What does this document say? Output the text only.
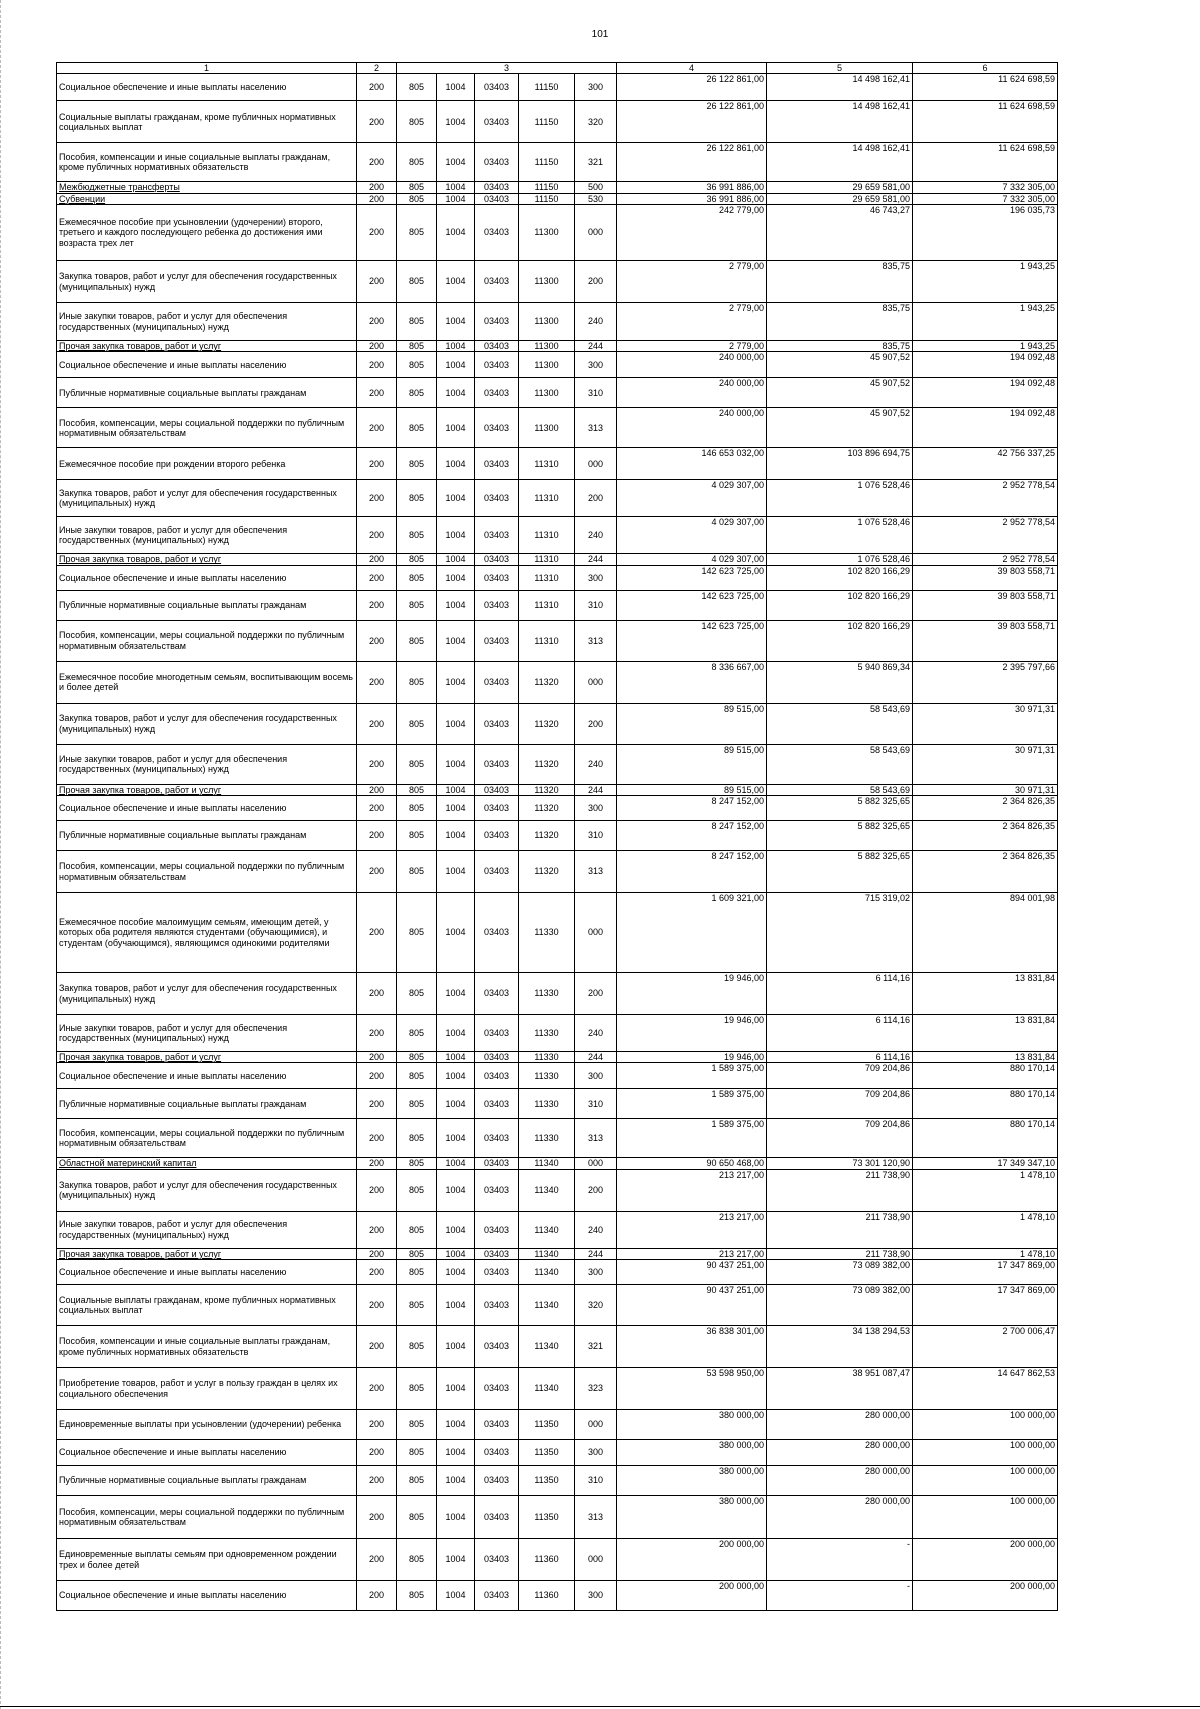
101
1	2	3					4	5	6
Социальное обеспечение и иные выплаты населению	200	805	1004	03403	11150	300	26 122 861,00	14 498 162,41	11 624 698,59
Социальные выплаты гражданам, кроме публичных нормативных социальных выплат	200	805	1004	03403	11150	320	26 122 861,00	14 498 162,41	11 624 698,59
Пособия, компенсации и иные социальные выплаты гражданам, кроме публичных нормативных обязательств	200	805	1004	03403	11150	321	26 122 861,00	14 498 162,41	11 624 698,59
Межбюджетные трансферты	200	805	1004	03403	11150	500	36 991 886,00	29 659 581,00	7 332 305,00
Субвенции	200	805	1004	03403	11150	530	36 991 886,00	29 659 581,00	7 332 305,00
Ежемесячное пособие при усыновлении (удочерении) второго, третьего и каждого последующего ребенка до достижения ими возраста трех лет	200	805	1004	03403	11300	000	242 779,00	46 743,27	196 035,73
Закупка товаров, работ и услуг для обеспечения государственных (муниципальных) нужд	200	805	1004	03403	11300	200	2 779,00	835,75	1 943,25
Иные закупки товаров, работ и услуг для обеспечения государственных (муниципальных) нужд	200	805	1004	03403	11300	240	2 779,00	835,75	1 943,25
Прочая закупка товаров, работ и услуг	200	805	1004	03403	11300	244	2 779,00	835,75	1 943,25
Социальное обеспечение и иные выплаты населению	200	805	1004	03403	11300	300	240 000,00	45 907,52	194 092,48
Публичные нормативные социальные выплаты гражданам	200	805	1004	03403	11300	310	240 000,00	45 907,52	194 092,48
Пособия, компенсации, меры социальной поддержки по публичным нормативным обязательствам	200	805	1004	03403	11300	313	240 000,00	45 907,52	194 092,48
Ежемесячное пособие при рождении второго ребенка	200	805	1004	03403	11310	000	146 653 032,00	103 896 694,75	42 756 337,25
Закупка товаров, работ и услуг для обеспечения государственных (муниципальных) нужд	200	805	1004	03403	11310	200	4 029 307,00	1 076 528,46	2 952 778,54
Иные закупки товаров, работ и услуг для обеспечения государственных (муниципальных) нужд	200	805	1004	03403	11310	240	4 029 307,00	1 076 528,46	2 952 778,54
Прочая закупка товаров, работ и услуг	200	805	1004	03403	11310	244	4 029 307,00	1 076 528,46	2 952 778,54
Социальное обеспечение и иные выплаты населению	200	805	1004	03403	11310	300	142 623 725,00	102 820 166,29	39 803 558,71
Публичные нормативные социальные выплаты гражданам	200	805	1004	03403	11310	310	142 623 725,00	102 820 166,29	39 803 558,71
Пособия, компенсации, меры социальной поддержки по публичным нормативным обязательствам	200	805	1004	03403	11310	313	142 623 725,00	102 820 166,29	39 803 558,71
Ежемесячное пособие многодетным семьям, воспитывающим восемь и более детей	200	805	1004	03403	11320	000	8 336 667,00	5 940 869,34	2 395 797,66
Закупка товаров, работ и услуг для обеспечения государственных (муниципальных) нужд	200	805	1004	03403	11320	200	89 515,00	58 543,69	30 971,31
Иные закупки товаров, работ и услуг для обеспечения государственных (муниципальных) нужд	200	805	1004	03403	11320	240	89 515,00	58 543,69	30 971,31
Прочая закупка товаров, работ и услуг	200	805	1004	03403	11320	244	89 515,00	58 543,69	30 971,31
Социальное обеспечение и иные выплаты населению	200	805	1004	03403	11320	300	8 247 152,00	5 882 325,65	2 364 826,35
Публичные нормативные социальные выплаты гражданам	200	805	1004	03403	11320	310	8 247 152,00	5 882 325,65	2 364 826,35
Пособия, компенсации, меры социальной поддержки по публичным нормативным обязательствам	200	805	1004	03403	11320	313	8 247 152,00	5 882 325,65	2 364 826,35
Ежемесячное пособие малоимущим семьям, имеющим детей, у которых оба родителя являются студентами (обучающимися), и студентам (обучающимся), являющимся одинокими родителями	200	805	1004	03403	11330	000	1 609 321,00	715 319,02	894 001,98
Закупка товаров, работ и услуг для обеспечения государственных (муниципальных) нужд	200	805	1004	03403	11330	200	19 946,00	6 114,16	13 831,84
Иные закупки товаров, работ и услуг для обеспечения государственных (муниципальных) нужд	200	805	1004	03403	11330	240	19 946,00	6 114,16	13 831,84
Прочая закупка товаров, работ и услуг	200	805	1004	03403	11330	244	19 946,00	6 114,16	13 831,84
Социальное обеспечение и иные выплаты населению	200	805	1004	03403	11330	300	1 589 375,00	709 204,86	880 170,14
Публичные нормативные социальные выплаты гражданам	200	805	1004	03403	11330	310	1 589 375,00	709 204,86	880 170,14
Пособия, компенсации, меры социальной поддержки по публичным нормативным обязательствам	200	805	1004	03403	11330	313	1 589 375,00	709 204,86	880 170,14
Областной материнский капитал	200	805	1004	03403	11340	000	90 650 468,00	73 301 120,90	17 349 347,10
Закупка товаров, работ и услуг для обеспечения государственных (муниципальных) нужд	200	805	1004	03403	11340	200	213 217,00	211 738,90	1 478,10
Иные закупки товаров, работ и услуг для обеспечения государственных (муниципальных) нужд	200	805	1004	03403	11340	240	213 217,00	211 738,90	1 478,10
Прочая закупка товаров, работ и услуг	200	805	1004	03403	11340	244	213 217,00	211 738,90	1 478,10
Социальное обеспечение и иные выплаты населению	200	805	1004	03403	11340	300	90 437 251,00	73 089 382,00	17 347 869,00
Социальные выплаты гражданам, кроме публичных нормативных социальных выплат	200	805	1004	03403	11340	320	90 437 251,00	73 089 382,00	17 347 869,00
Пособия, компенсации и иные социальные выплаты гражданам, кроме публичных нормативных обязательств	200	805	1004	03403	11340	321	36 838 301,00	34 138 294,53	2 700 006,47
Приобретение товаров, работ и услуг в пользу граждан в целях их социального обеспечения	200	805	1004	03403	11340	323	53 598 950,00	38 951 087,47	14 647 862,53
Единовременные выплаты при усыновлении (удочерении) ребенка	200	805	1004	03403	11350	000	380 000,00	280 000,00	100 000,00
Социальное обеспечение и иные выплаты населению	200	805	1004	03403	11350	300	380 000,00	280 000,00	100 000,00
Публичные нормативные социальные выплаты гражданам	200	805	1004	03403	11350	310	380 000,00	280 000,00	100 000,00
Пособия, компенсации, меры социальной поддержки по публичным нормативным обязательствам	200	805	1004	03403	11350	313	380 000,00	280 000,00	100 000,00
Единовременные выплаты семьям при одновременном рождении трех и более детей	200	805	1004	03403	11360	000	200 000,00	-	200 000,00
Социальное обеспечение и иные выплаты населению	200	805	1004	03403	11360	300	200 000,00	-	200 000,00
